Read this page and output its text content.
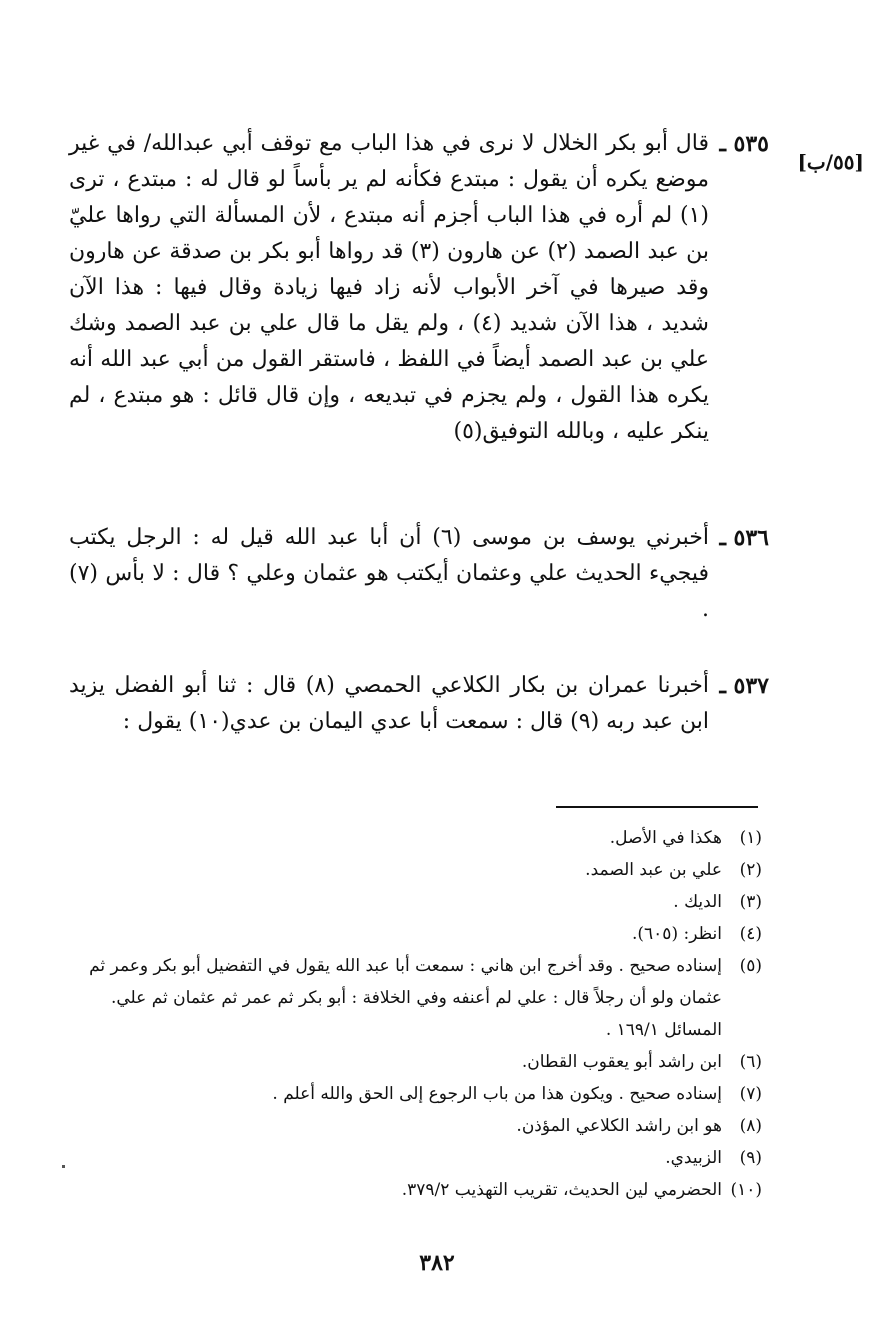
[٥٥/ب]
٥٣٥ ـ
قال أبو بكر الخلال لا نرى في هذا الباب مع توقف أبي عبدالله/ في غير موضع يكره أن يقول : مبتدع فكأنه لم ير بأساً لو قال له : مبتدع ، ترى (١) لم أره في هذا الباب أجزم أنه مبتدع ، لأن المسألة التي رواها عليّ بن عبد الصمد (٢) عن هارون (٣) قد رواها أبو بكر بن صدقة عن هارون وقد صيرها في آخر الأبواب لأنه زاد فيها زيادة وقال فيها : هذا الآن شديد ، هذا الآن شديد (٤) ، ولم يقل ما قال علي بن عبد الصمد وشك علي بن عبد الصمد أيضاً في اللفظ ، فاستقر القول من أبي عبد الله أنه يكره هذا القول ، ولم يجزم في تبديعه ، وإن قال قائل : هو مبتدع ، لم ينكر عليه ، وبالله التوفيق(٥)
٥٣٦ ـ
أخبرني يوسف بن موسى (٦) أن أبا عبد الله قيل له : الرجل يكتب فيجيء الحديث علي وعثمان أيكتب هو عثمان وعلي ؟ قال : لا بأس (٧) .
٥٣٧ ـ
أخبرنا عمران بن بكار الكلاعي الحمصي (٨) قال : ثنا أبو الفضل يزيد ابن عبد ربه (٩) قال : سمعت أبا عدي اليمان بن عدي(١٠) يقول :

(١)
هكذا في الأصل.

(٢)
علي بن عبد الصمد.

(٣)
الديك .

(٤)
انظر: (٦٠٥).

(٥)
إسناده صحيح . وقد أخرج ابن هاني : سمعت أبا عبد الله يقول في التفضيل أبو بكر وعمر ثم عثمان ولو أن رجلاً قال : علي لم أعنفه وفي الخلافة : أبو بكر ثم عمر ثم عثمان ثم علي. المسائل ١٦٩/١ .

(٦)
ابن راشد أبو يعقوب القطان.

(٧)
إسناده صحيح . ويكون هذا من باب الرجوع إلى الحق والله أعلم .

(٨)
هو ابن راشد الكلاعي المؤذن.

(٩)
الزبيدي.

(١٠)
الحضرمي لين الحديث، تقريب التهذيب ٣٧٩/٢.

٣٨٢
